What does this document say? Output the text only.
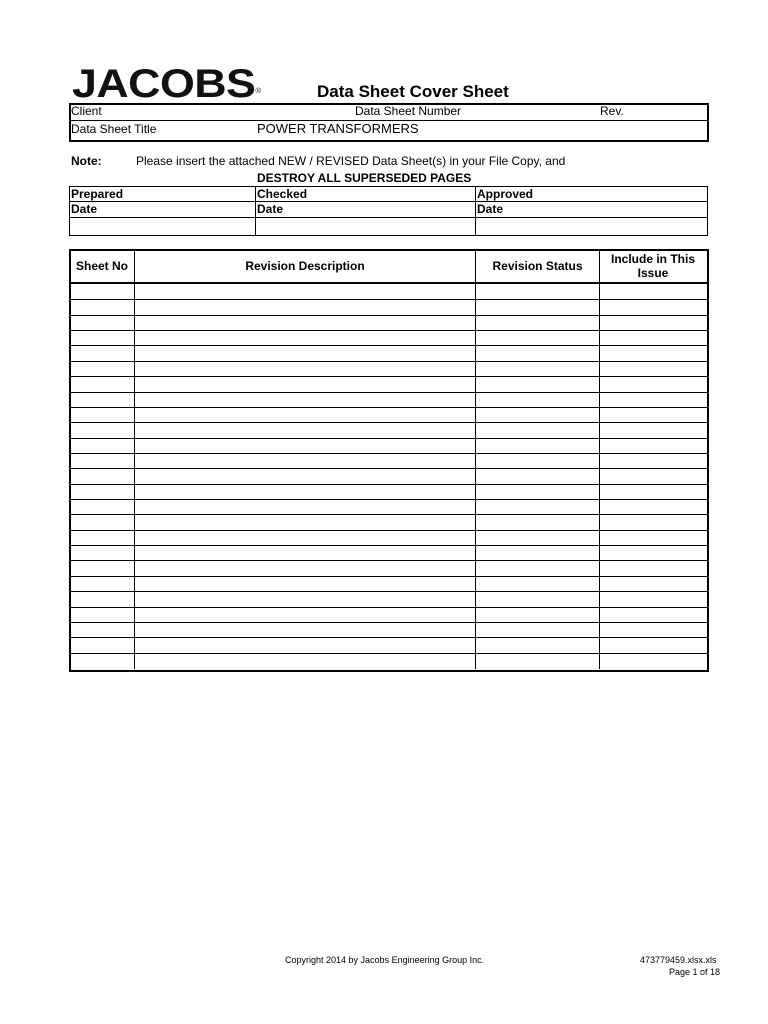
JACOBS®	Data Sheet Cover Sheet
Client	Data Sheet Number	Rev.
Data Sheet Title	POWER TRANSFORMERS
Note:	Please insert the attached NEW / REVISED Data Sheet(s) in your File Copy, and
DESTROY ALL SUPERSEDED PAGES
Prepared	Checked	Approved
Date	Date	Date
Sheet No	Revision Description	Revision Status	Include in This Issue
Copyright 2014 by Jacobs Engineering Group Inc.	473779459.xlsx.xls
Page 1 of 18
